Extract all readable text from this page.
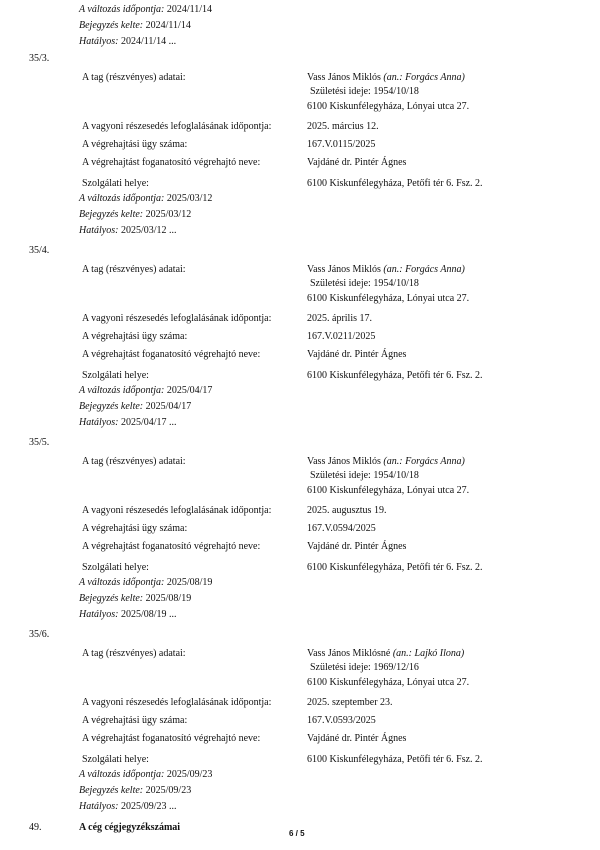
A változás időpontja: 2024/11/14
Bejegyzés kelte: 2024/11/14
Hatályos: 2024/11/14 ...
35/3.
A tag (részvényes) adatai:	Vass János Miklós (an.: Forgács Anna)
Születési ideje: 1954/10/18
6100 Kiskunfélegyháza, Lónyai utca 27.
A vagyoni részesedés lefoglalásának időpontja:	2025. március 12.
A végrehajtási ügy száma:	167.V.0115/2025
A végrehajtást foganatosító végrehajtó neve:	Vajdáné dr. Pintér Ágnes
Szolgálati helye:	6100 Kiskunfélegyháza, Petőfi tér 6. Fsz. 2.
A változás időpontja: 2025/03/12
Bejegyzés kelte: 2025/03/12
Hatályos: 2025/03/12 ...
35/4.
A tag (részvényes) adatai:	Vass János Miklós (an.: Forgács Anna)
Születési ideje: 1954/10/18
6100 Kiskunfélegyháza, Lónyai utca 27.
A vagyoni részesedés lefoglalásának időpontja:	2025. április 17.
A végrehajtási ügy száma:	167.V.0211/2025
A végrehajtást foganatosító végrehajtó neve:	Vajdáné dr. Pintér Ágnes
Szolgálati helye:	6100 Kiskunfélegyháza, Petőfi tér 6. Fsz. 2.
A változás időpontja: 2025/04/17
Bejegyzés kelte: 2025/04/17
Hatályos: 2025/04/17 ...
35/5.
A tag (részvényes) adatai:	Vass János Miklós (an.: Forgács Anna)
Születési ideje: 1954/10/18
6100 Kiskunfélegyháza, Lónyai utca 27.
A vagyoni részesedés lefoglalásának időpontja:	2025. augusztus 19.
A végrehajtási ügy száma:	167.V.0594/2025
A végrehajtást foganatosító végrehajtó neve:	Vajdáné dr. Pintér Ágnes
Szolgálati helye:	6100 Kiskunfélegyháza, Petőfi tér 6. Fsz. 2.
A változás időpontja: 2025/08/19
Bejegyzés kelte: 2025/08/19
Hatályos: 2025/08/19 ...
35/6.
A tag (részvényes) adatai:	Vass János Miklósné (an.: Lajkó Ilona)
Születési ideje: 1969/12/16
6100 Kiskunfélegyháza, Lónyai utca 27.
A vagyoni részesedés lefoglalásának időpontja:	2025. szeptember 23.
A végrehajtási ügy száma:	167.V.0593/2025
A végrehajtást foganatosító végrehajtó neve:	Vajdáné dr. Pintér Ágnes
Szolgálati helye:	6100 Kiskunfélegyháza, Petőfi tér 6. Fsz. 2.
A változás időpontja: 2025/09/23
Bejegyzés kelte: 2025/09/23
Hatályos: 2025/09/23 ...
49.	A cég cégjegyzékszámai
6 / 5
